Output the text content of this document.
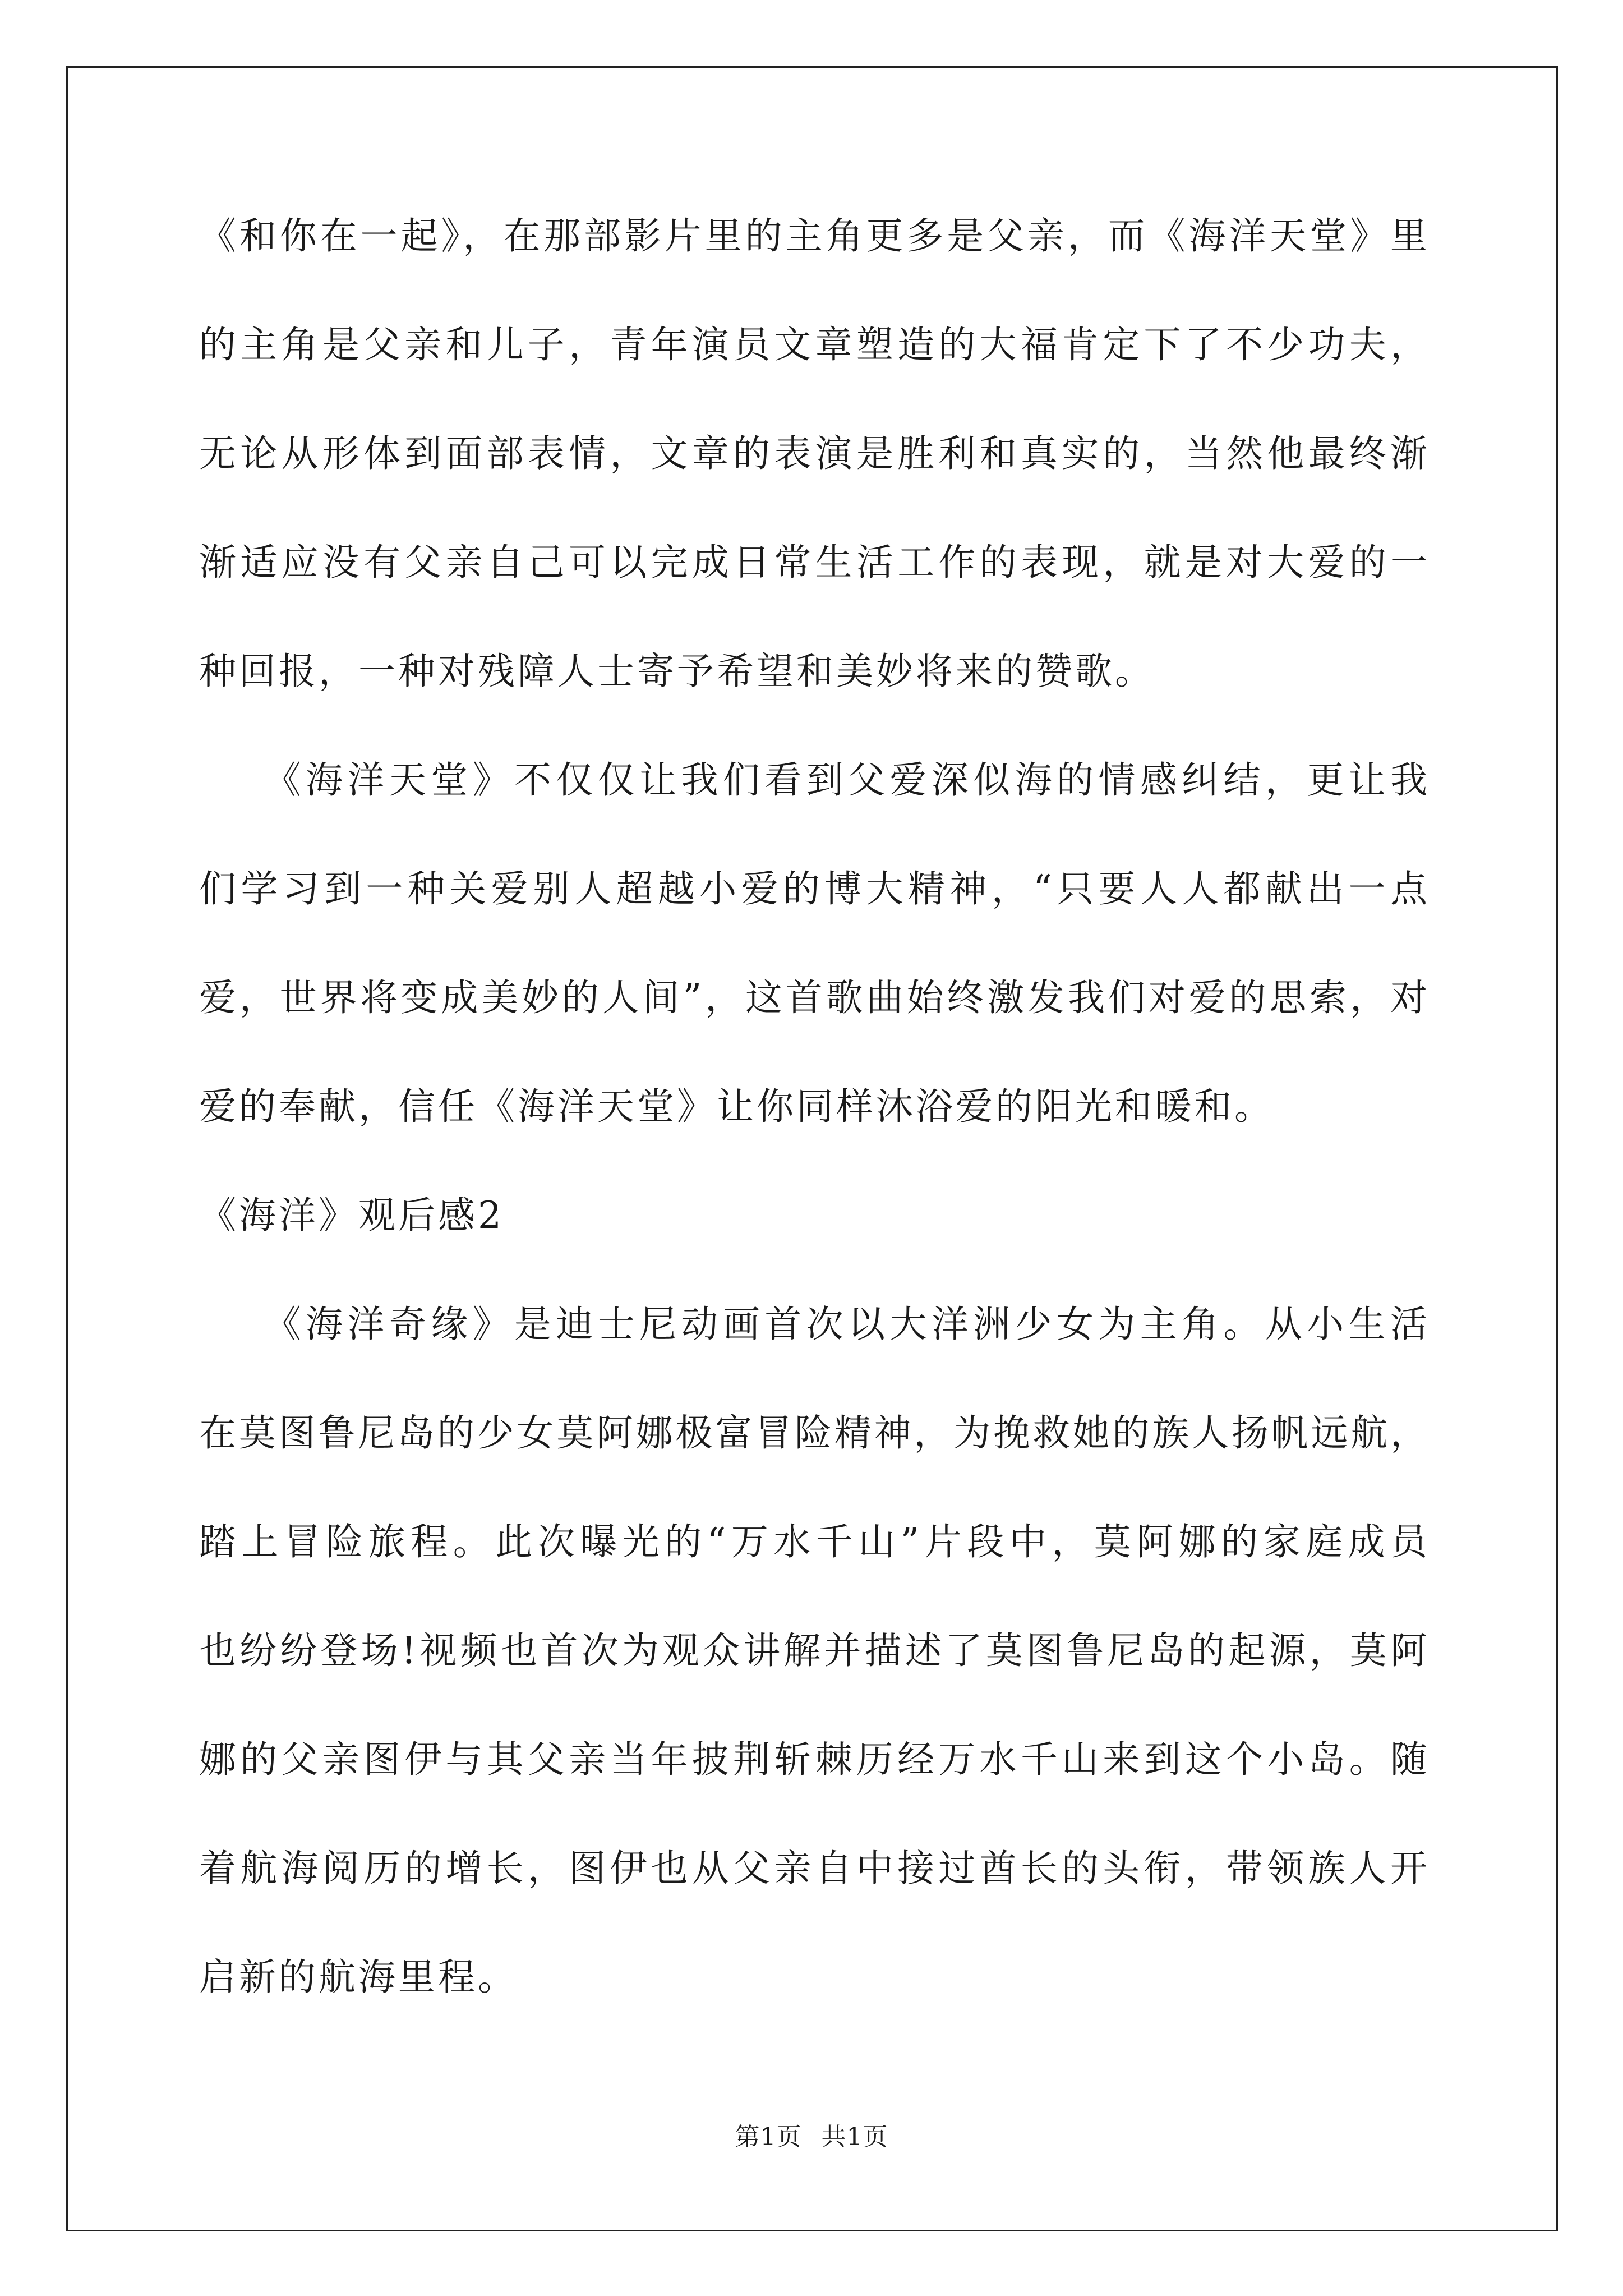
《和你在一起》，在那部影片里的主角更多是父亲，而《海洋天堂》里
的主角是父亲和儿子，青年演员文章塑造的大福肯定下了不少功夫，
无论从形体到面部表情，文章的表演是胜利和真实的，当然他最终渐
渐适应没有父亲自己可以完成日常生活工作的表现，就是对大爱的一
种回报，一种对残障人士寄予希望和美妙将来的赞歌。
　　《海洋天堂》不仅仅让我们看到父爱深似海的情感纠结，更让我
们学习到一种关爱别人超越小爱的博大精神，“只要人人都献出一点
爱，世界将变成美妙的人间”，这首歌曲始终激发我们对爱的思索，对
爱的奉献，信任《海洋天堂》让你同样沐浴爱的阳光和暖和。
《海洋》观后感2
　　《海洋奇缘》是迪士尼动画首次以大洋洲少女为主角。从小生活
在莫图鲁尼岛的少女莫阿娜极富冒险精神，为挽救她的族人扬帆远航，
踏上冒险旅程。此次曝光的“万水千山”片段中，莫阿娜的家庭成员
也纷纷登场!视频也首次为观众讲解并描述了莫图鲁尼岛的起源，莫阿
娜的父亲图伊与其父亲当年披荆斩棘历经万水千山来到这个小岛。随
着航海阅历的增长，图伊也从父亲自中接过酋长的头衔，带领族人开
启新的航海里程。
第1页 共1页
